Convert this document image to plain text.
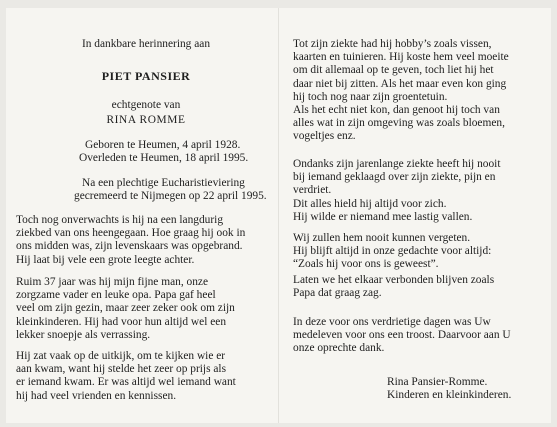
In dankbare herinnering aan
PIET PANSIER
echtgenote van
RINA ROMME
Geboren te Heumen, 4 april 1928.
Overleden te Heumen, 18 april 1995.
Na een plechtige Eucharistieviering
gecremeerd te Nijmegen op 22 april 1995.
Toch nog onverwachts is hij na een langdurig
ziekbed van ons heengegaan. Hoe graag hij ook in
ons midden was, zijn levenskaars was opgebrand.
Hij laat bij vele een grote leegte achter.
Ruim 37 jaar was hij mijn fijne man, onze
zorgzame vader en leuke opa. Papa gaf heel
veel om zijn gezin, maar zeer zeker ook om zijn
kleinkinderen. Hij had voor hun altijd wel een
lekker snoepje als verrassing.
Hij zat vaak op de uitkijk, om te kijken wie er
aan kwam, want hij stelde het zeer op prijs als
er iemand kwam. Er was altijd wel iemand want
hij had veel vrienden en kennissen.
Tot zijn ziekte had hij hobby’s zoals vissen,
kaarten en tuinieren. Hij koste hem veel moeite
om dit allemaal op te geven, toch liet hij het
daar niet bij zitten. Als het maar even kon ging
hij toch nog naar zijn groentetuin.
Als het echt niet kon, dan genoot hij toch van
alles wat in zijn omgeving was zoals bloemen,
vogeltjes enz.
Ondanks zijn jarenlange ziekte heeft hij nooit
bij iemand geklaagd over zijn ziekte, pijn en
verdriet.
Dit alles hield hij altijd voor zich.
Hij wilde er niemand mee lastig vallen.
Wij zullen hem nooit kunnen vergeten.
Hij blijft altijd in onze gedachte voor altijd:
“Zoals hij voor ons is geweest”.
Laten we het elkaar verbonden blijven zoals
Papa dat graag zag.
In deze voor ons verdrietige dagen was Uw
medeleven voor ons een troost. Daarvoor aan U
onze oprechte dank.
Rina Pansier-Romme.
Kinderen en kleinkinderen.
